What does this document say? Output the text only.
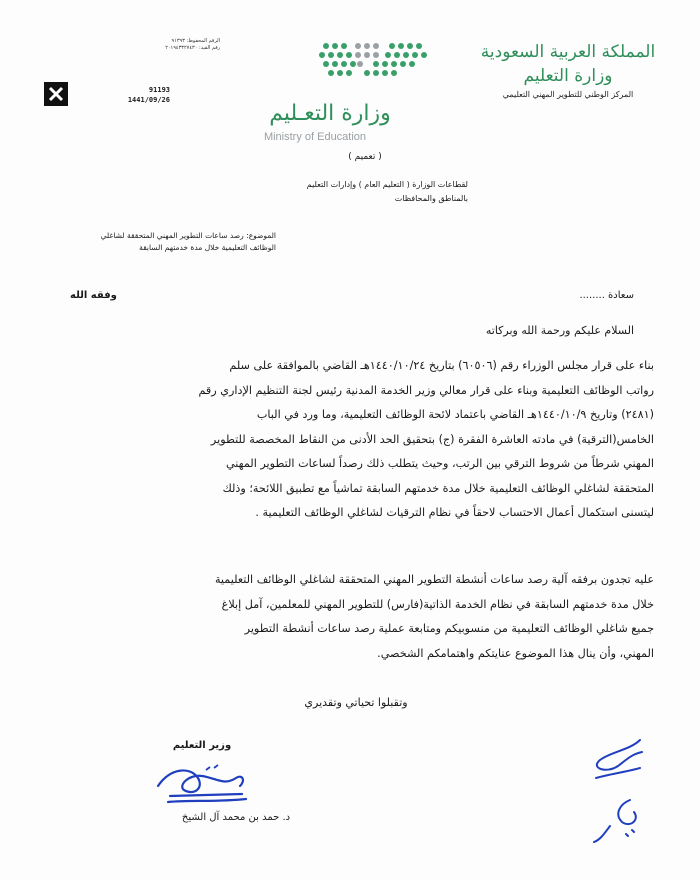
المملكة العربية السعودية
وزارة التعليم
المركز الوطني للتطوير المهني التعليمي
وزارة التعـليم
Ministry of Education
الرقم المحفوظ: ٩١٣٩٣
رقم القيد: ٢٠١٩٤٣٣٢٧٤٣٠
91193
1441/09/26
( تعميم )
لقطاعات الوزارة ( التعليم العام ) وإدارات التعليم
بالمناطق والمحافظات
الموضوع: رصد ساعات التطوير المهني المتحققة لشاغلي
الوظائف التعليمية خلال مدة خدمتهم السابقة
سعادة ........
وفقه الله
السلام عليكم ورحمة الله وبركاته
بناء على قرار مجلس الوزراء رقم (٦٠٥٠٦) بتاريخ ١٤٤٠/١٠/٢٤هـ القاضي بالموافقة على سلم
رواتب الوظائف التعليمية وبناء على قرار معالي وزير الخدمة المدنية رئيس لجنة التنظيم الإداري رقم
(٢٤٨١) وتاريخ ١٤٤٠/١٠/٩هـ القاضي باعتماد لائحة الوظائف التعليمية، وما ورد في الباب
الخامس(الترقية) في مادته العاشرة الفقرة (ج) بتحقيق الحد الأدنى من النقاط المخصصة للتطوير
المهني شرطاً من شروط الترقي بين الرتب، وحيث يتطلب ذلك رصداً لساعات التطوير المهني
المتحققة لشاغلي الوظائف التعليمية خلال مدة خدمتهم السابقة تماشياً مع تطبيق اللائحة؛ وذلك
ليتسنى استكمال أعمال الاحتساب لاحقاً في نظام الترقيات لشاغلي الوظائف التعليمية .
عليه تجدون برفقه آلية رصد ساعات أنشطة التطوير المهني المتحققة لشاغلي الوظائف التعليمية
خلال مدة خدمتهم السابقة في نظام الخدمة الذاتية(فارس) للتطوير المهني للمعلمين، آمل إبلاغ
جميع شاغلي الوظائف التعليمية من منسوبيكم ومتابعة عملية رصد ساعات أنشطة التطوير
المهني، وأن ينال هذا الموضوع عنايتكم واهتمامكم الشخصي.
وتقبلوا تحياتي وتقديري
وزير التعليم
د. حمد بن محمد آل الشيخ
للإعلامي / يوزع
